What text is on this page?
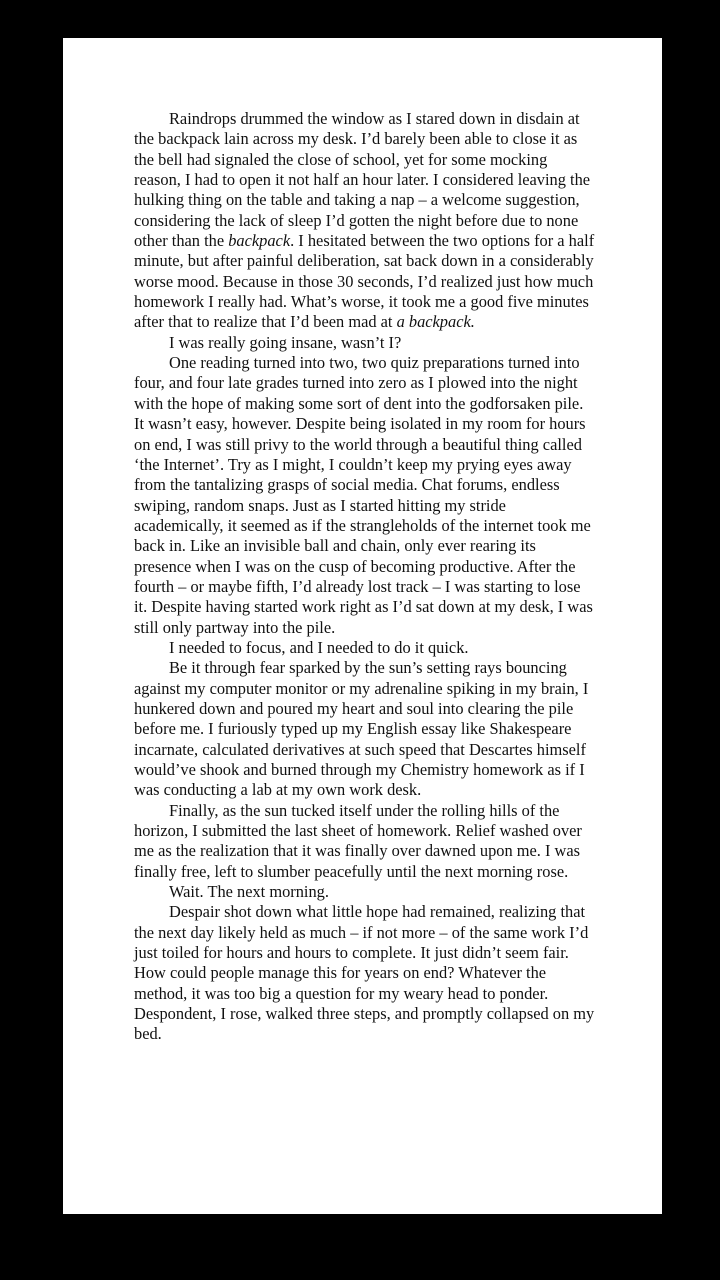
Raindrops drummed the window as I stared down in disdain at the backpack lain across my desk. I’d barely been able to close it as the bell had signaled the close of school, yet for some mocking reason, I had to open it not half an hour later. I considered leaving the hulking thing on the table and taking a nap – a welcome suggestion, considering the lack of sleep I’d gotten the night before due to none other than the backpack. I hesitated between the two options for a half minute, but after painful deliberation, sat back down in a considerably worse mood. Because in those 30 seconds, I’d realized just how much homework I really had. What’s worse, it took me a good five minutes after that to realize that I’d been mad at a backpack.

I was really going insane, wasn’t I?

One reading turned into two, two quiz preparations turned into four, and four late grades turned into zero as I plowed into the night with the hope of making some sort of dent into the godforsaken pile. It wasn’t easy, however. Despite being isolated in my room for hours on end, I was still privy to the world through a beautiful thing called ‘the Internet’. Try as I might, I couldn’t keep my prying eyes away from the tantalizing grasps of social media. Chat forums, endless swiping, random snaps. Just as I started hitting my stride academically, it seemed as if the strangleholds of the internet took me back in. Like an invisible ball and chain, only ever rearing its presence when I was on the cusp of becoming productive. After the fourth – or maybe fifth, I’d already lost track – I was starting to lose it. Despite having started work right as I’d sat down at my desk, I was still only partway into the pile.

I needed to focus, and I needed to do it quick.

Be it through fear sparked by the sun’s setting rays bouncing against my computer monitor or my adrenaline spiking in my brain, I hunkered down and poured my heart and soul into clearing the pile before me. I furiously typed up my English essay like Shakespeare incarnate, calculated derivatives at such speed that Descartes himself would’ve shook and burned through my Chemistry homework as if I was conducting a lab at my own work desk.

Finally, as the sun tucked itself under the rolling hills of the horizon, I submitted the last sheet of homework. Relief washed over me as the realization that it was finally over dawned upon me. I was finally free, left to slumber peacefully until the next morning rose.

Wait. The next morning.

Despair shot down what little hope had remained, realizing that the next day likely held as much – if not more – of the same work I’d just toiled for hours and hours to complete. It just didn’t seem fair. How could people manage this for years on end? Whatever the method, it was too big a question for my weary head to ponder. Despondent, I rose, walked three steps, and promptly collapsed on my bed.
